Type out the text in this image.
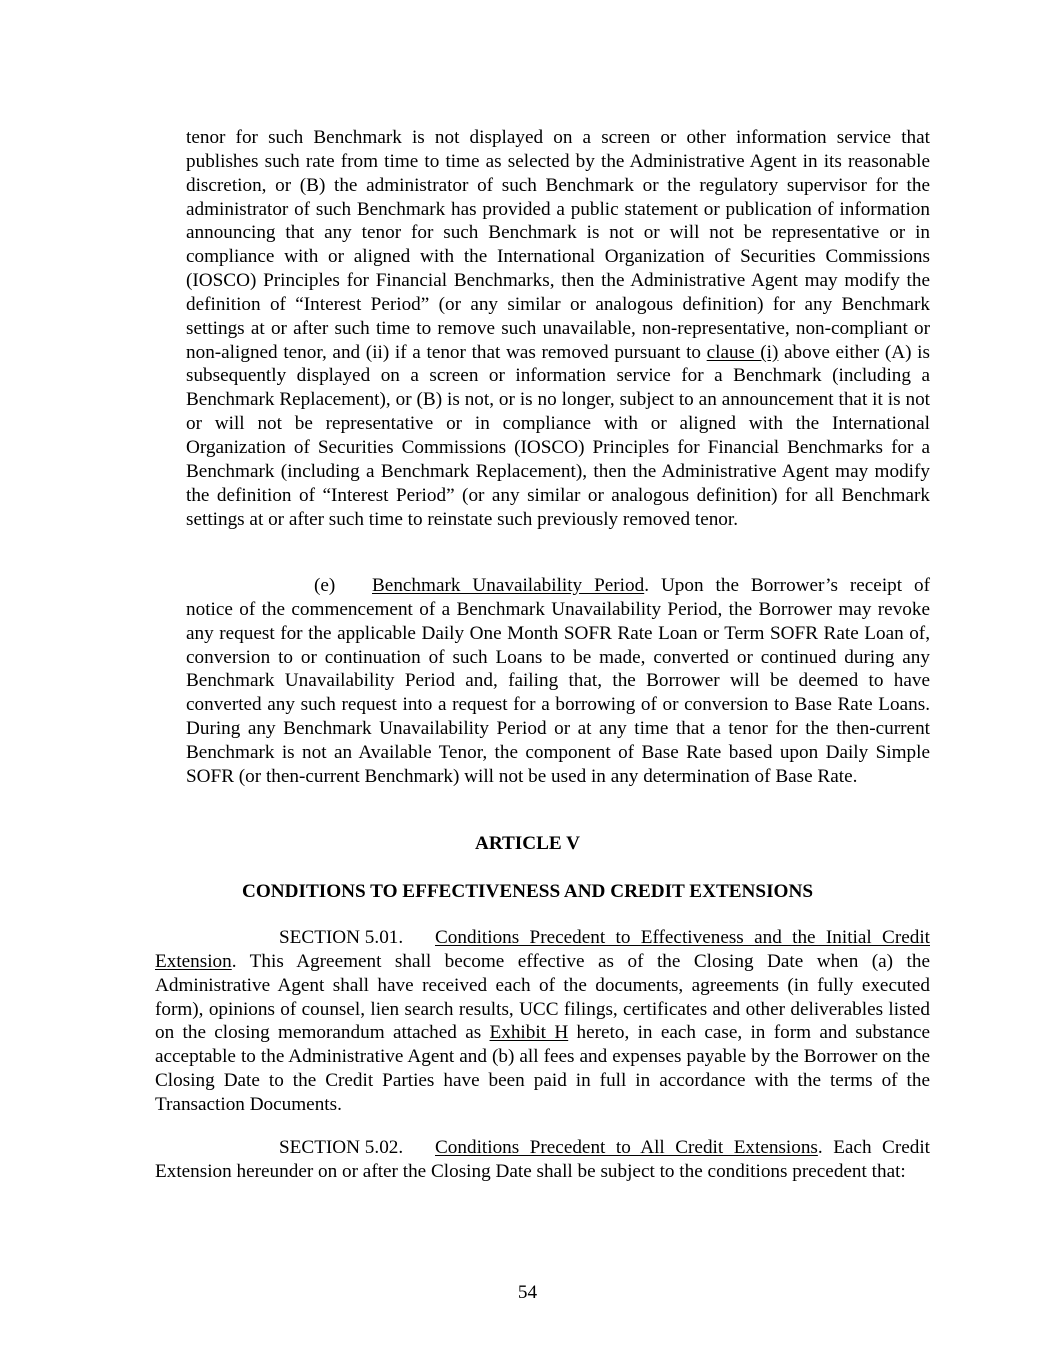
tenor for such Benchmark is not displayed on a screen or other information service that publishes such rate from time to time as selected by the Administrative Agent in its reasonable discretion, or (B) the administrator of such Benchmark or the regulatory supervisor for the administrator of such Benchmark has provided a public statement or publication of information announcing that any tenor for such Benchmark is not or will not be representative or in compliance with or aligned with the International Organization of Securities Commissions (IOSCO) Principles for Financial Benchmarks, then the Administrative Agent may modify the definition of “Interest Period” (or any similar or analogous definition) for any Benchmark settings at or after such time to remove such unavailable, non-representative, non-compliant or non-aligned tenor, and (ii) if a tenor that was removed pursuant to clause (i) above either (A) is subsequently displayed on a screen or information service for a Benchmark (including a Benchmark Replacement), or (B) is not, or is no longer, subject to an announcement that it is not or will not be representative or in compliance with or aligned with the International Organization of Securities Commissions (IOSCO) Principles for Financial Benchmarks for a Benchmark (including a Benchmark Replacement), then the Administrative Agent may modify the definition of “Interest Period” (or any similar or analogous definition) for all Benchmark settings at or after such time to reinstate such previously removed tenor.

(e) Benchmark Unavailability Period. Upon the Borrower’s receipt of notice of the commencement of a Benchmark Unavailability Period, the Borrower may revoke any request for the applicable Daily One Month SOFR Rate Loan or Term SOFR Rate Loan of, conversion to or continuation of such Loans to be made, converted or continued during any Benchmark Unavailability Period and, failing that, the Borrower will be deemed to have converted any such request into a request for a borrowing of or conversion to Base Rate Loans. During any Benchmark Unavailability Period or at any time that a tenor for the then-current Benchmark is not an Available Tenor, the component of Base Rate based upon Daily Simple SOFR (or then-current Benchmark) will not be used in any determination of Base Rate.

ARTICLE V
CONDITIONS TO EFFECTIVENESS AND CREDIT EXTENSIONS

SECTION 5.01. Conditions Precedent to Effectiveness and the Initial Credit Extension. This Agreement shall become effective as of the Closing Date when (a) the Administrative Agent shall have received each of the documents, agreements (in fully executed form), opinions of counsel, lien search results, UCC filings, certificates and other deliverables listed on the closing memorandum attached as Exhibit H hereto, in each case, in form and substance acceptable to the Administrative Agent and (b) all fees and expenses payable by the Borrower on the Closing Date to the Credit Parties have been paid in full in accordance with the terms of the Transaction Documents.

SECTION 5.02. Conditions Precedent to All Credit Extensions. Each Credit Extension hereunder on or after the Closing Date shall be subject to the conditions precedent that:

54
